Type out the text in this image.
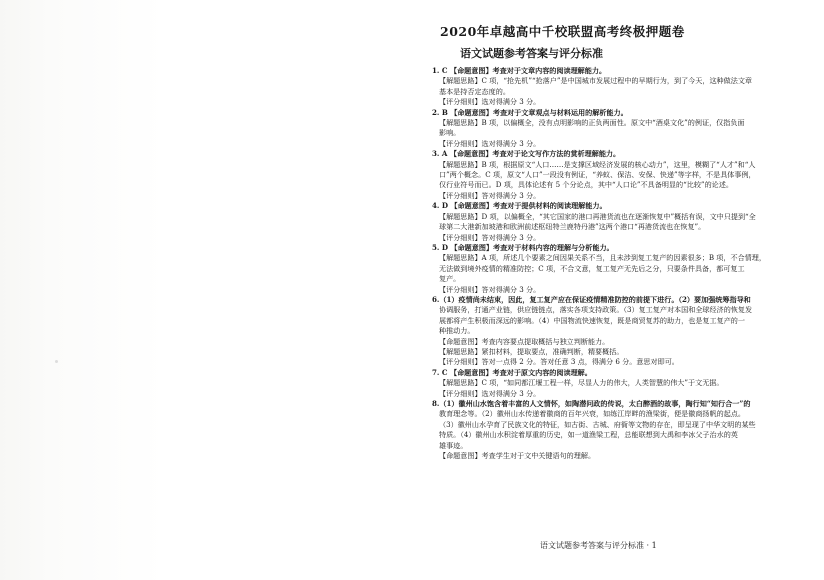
2020年卓越高中千校联盟高考终极押题卷
语文试题参考答案与评分标准
1. C 【命题意图】考查对于文章内容的阅读理解能力。
【解题思路】C 项，“抢先机”“抢落户”是中国城市发展过程中的早期行为，到了今天，这种做法文章
基本是持否定态度的。
【评分细则】选对得满分 3 分。
2. B 【命题意图】考查对于文章观点与材料运用的解析能力。
【解题思路】B 项，以偏概全，没有点明影响的正负两面性。原文中“酒桌文化”的例证，仅指负面
影响。
【评分细则】选对得满分 3 分。
3. A 【命题意图】考查对于论文写作方法的赏析理解能力。
【解题思路】B 项，根据原文“人口……是支撑区域经济发展的核心动力”，这里，模糊了“人才”和“人
口”两个概念。C 项，原文“人口”一段没有例证，“养蚁、保洁、安保、快递”等字样，不是具体事例，
仅行业符号而已。D 项，具体论述有 5 个分论点，其中“人口论”不具备明显的“比较”的论述。
【评分细则】答对得满分 3 分。
4. D 【命题意图】考查对于提供材料的阅读理解能力。
【解题思路】D 项，以偏概全，“其它国家的港口再港货流也在逐渐恢复中”概括有误，文中只提到“全
球第二大港新加坡港和欧洲前述枢纽特兰鹿特丹港”这两个港口“再港货流也在恢复”。
【评分细则】答对得满分 3 分。
5. D 【命题意图】考查对于材料内容的理解与分析能力。
【解题思路】A 项，所述几个要素之间因果关系不当，且未涉到复工复产的因素很多；B 项，不合情理，
无法做到境外疫情的精准防控；C 项，不合文意，复工复产无先后之分，只要条件具备，都可复工
复产。
【评分细则】答对得满分 3 分。
6.（1）疫情尚未结束，因此，复工复产应在保证疫情精准防控的前提下进行。（2）要加强统筹指导和
协调服务，打通产业链，供应链链点，落实各项支持政策。（3）复工复产对本国和全球经济的恢复发
展都将产生积极而深远的影响。（4）中国物流快速恢复，既是商贸复苏的助力，也是复工复产的一
种推动力。
【命题意图】考查内容要点提取概括与独立判断能力。
【解题思路】紧扣材料，提取要点，准确判断，精要概括。
【评分细则】答对一点得 2 分。答对任意 3 点，得满分 6 分。意思对即可。
7. C 【命题意图】考查对于原文内容的阅读理解。
【解题思路】C 项，“如同都江堰工程一样，尽显人力的伟大，人类智慧的伟大”于文无据。
【评分细则】选对得满分 3 分。
8.（1）徽州山水饱含着丰富的人文情怀，如陶潜问政的传说，太白醉酒的故事，陶行知“知行合一”的
教育理念等。（2）徽州山水传递着徽商的百年兴衰，如练江岸畔的渔梁街，便是徽商扬帆的起点。
（3）徽州山水孕育了民族文化的特征，如古街、古城、府衙等文物的存在，即呈现了中华文明的某些
特质。（4）徽州山水积淀着厚重的历史，如一道渔梁工程，总能联想到大禹和李冰父子治水的英
雄事迹。
【命题意图】考查学生对于文中关键语句的理解。
语文试题参考答案与评分标准 · 1
